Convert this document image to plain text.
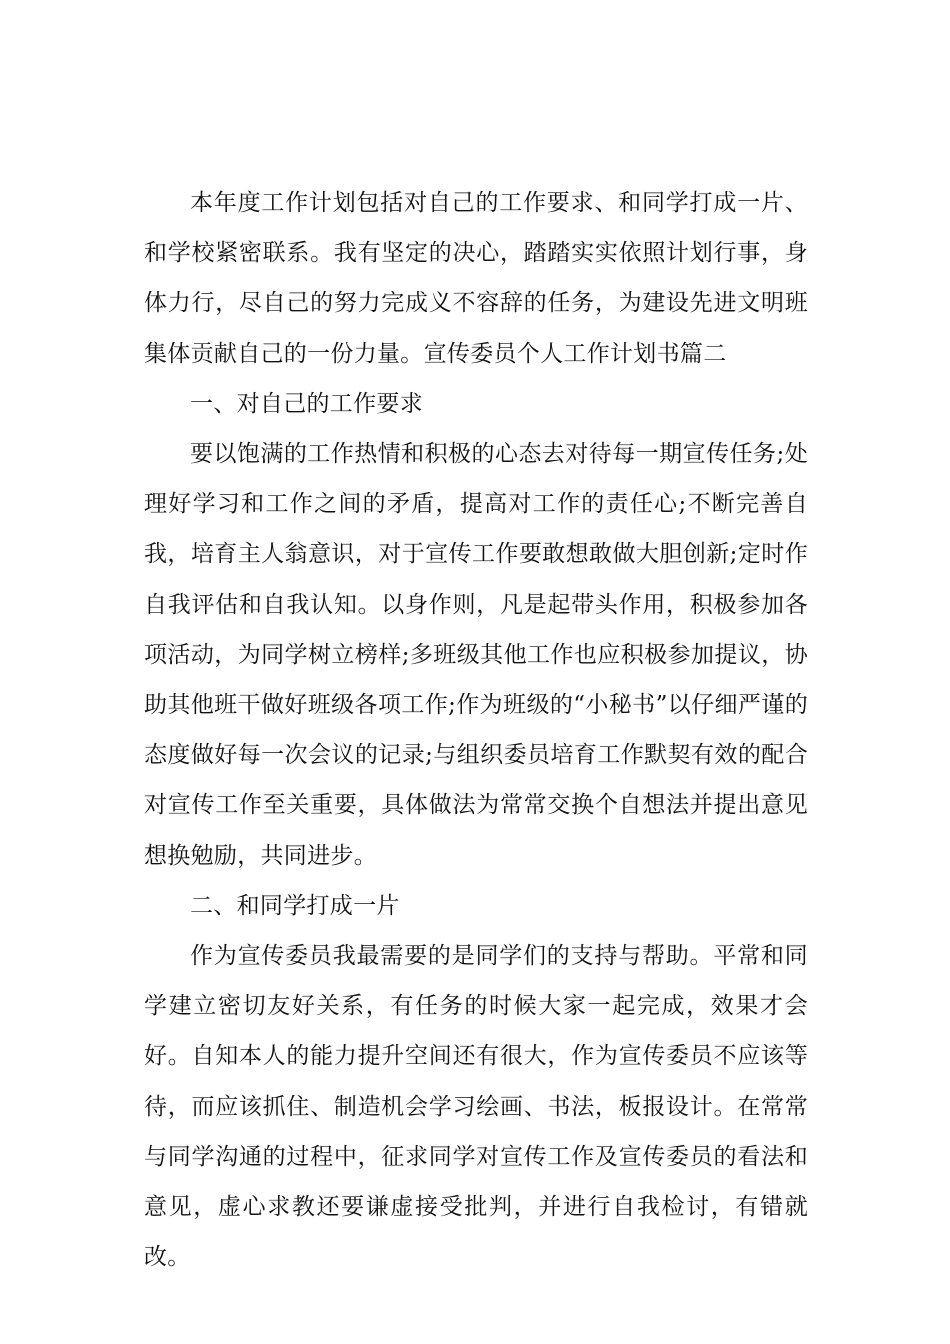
本年度工作计划包括对自己的工作要求、和同学打成一片、和学校紧密联系。我有坚定的决心，踏踏实实依照计划行事，身体力行，尽自己的努力完成义不容辞的任务，为建设先进文明班集体贡献自己的一份力量。宣传委员个人工作计划书篇二

一、对自己的工作要求

要以饱满的工作热情和积极的心态去对待每一期宣传任务;处理好学习和工作之间的矛盾，提高对工作的责任心;不断完善自我，培育主人翁意识，对于宣传工作要敢想敢做大胆创新;定时作自我评估和自我认知。以身作则，凡是起带头作用，积极参加各项活动，为同学树立榜样;多班级其他工作也应积极参加提议，协助其他班干做好班级各项工作;作为班级的“小秘书”以仔细严谨的态度做好每一次会议的记录;与组织委员培育工作默契有效的配合对宣传工作至关重要，具体做法为常常交换个自想法并提出意见想换勉励，共同进步。

二、和同学打成一片

作为宣传委员我最需要的是同学们的支持与帮助。平常和同学建立密切友好关系，有任务的时候大家一起完成，效果才会好。自知本人的能力提升空间还有很大，作为宣传委员不应该等待，而应该抓住、制造机会学习绘画、书法，板报设计。在常常与同学沟通的过程中，征求同学对宣传工作及宣传委员的看法和意见，虚心求教还要谦虚接受批判，并进行自我检讨，有错就改。
